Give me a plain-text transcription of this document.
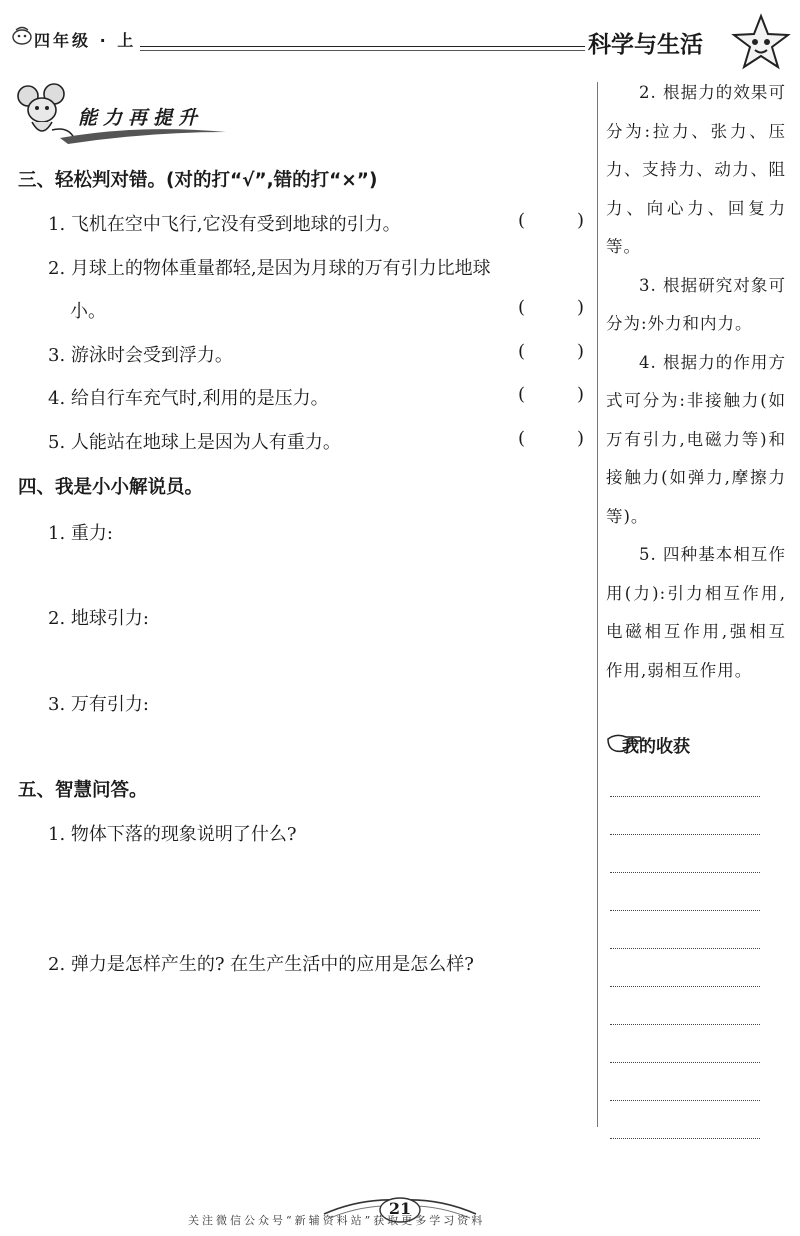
四年级 · 上	科学与生活
能力再提升
三、轻松判对错。(对的打“√”,错的打“×”)
1. 飞机在空中飞行,它没有受到地球的引力。	(	)
2. 月球上的物体重量都轻,是因为月球的万有引力比地球
小。	(	)
3. 游泳时会受到浮力。	(	)
4. 给自行车充气时,利用的是压力。	(	)
5. 人能站在地球上是因为人有重力。	(	)
四、我是小小解说员。
1. 重力:
2. 地球引力:
3. 万有引力:
五、智慧问答。
1. 物体下落的现象说明了什么?
2. 弹力是怎样产生的? 在生产生活中的应用是怎么样?

2. 根据力的效果可分为:拉力、张力、压力、支持力、动力、阻力、向心力、回复力等。

3. 根据研究对象可分为:外力和内力。

4. 根据力的作用方式可分为:非接触力(如万有引力,电磁力等)和接触力(如弹力,摩擦力等)。

5. 四种基本相互作用(力):引力相互作用,电磁相互作用,强相互作用,弱相互作用。

我的收获
21
关注微信公众号“新辅资料站”获取更多学习资料
